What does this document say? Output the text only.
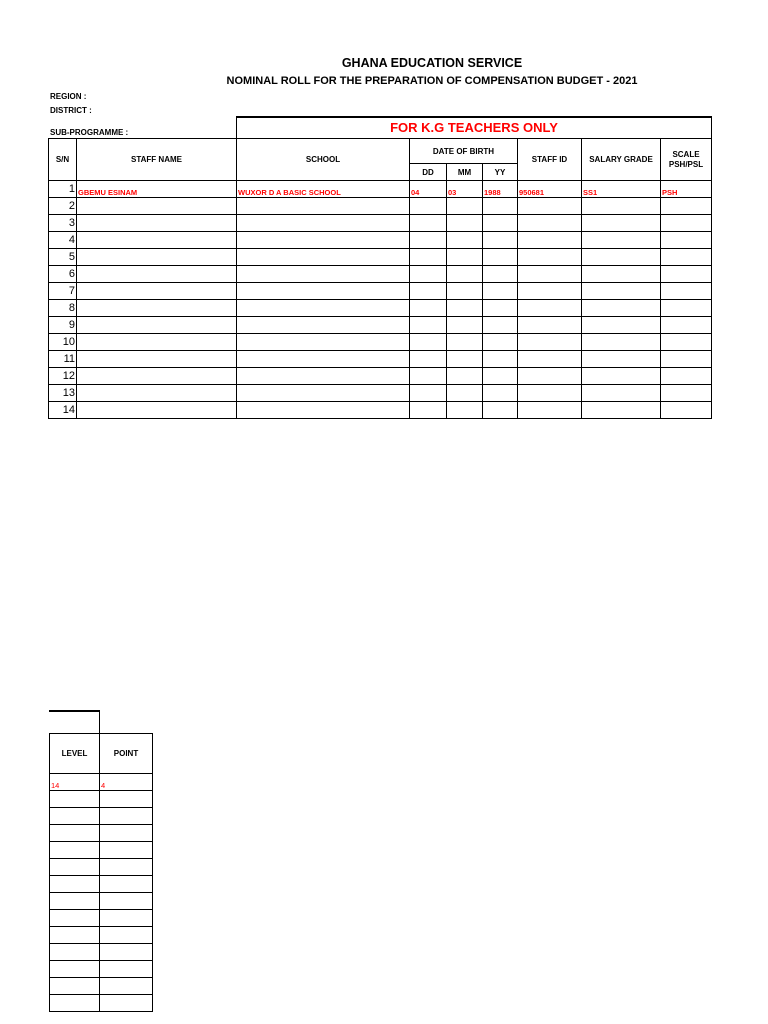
GHANA EDUCATION SERVICE
NOMINAL ROLL FOR THE PREPARATION OF COMPENSATION BUDGET - 2021
REGION :
DISTRICT :
SUB-PROGRAMME :	FOR K.G TEACHERS ONLY
S/N	STAFF NAME	SCHOOL	DATE OF BIRTH			STAFF ID	SALARY GRADE	SCALE PSH/PSL
			DD	MM	YY			
1	GBEMU ESINAM	WUXOR D A BASIC SCHOOL	04	03	1988	950681	SS1	PSH
2								
3								
4								
5								
6								
7								
8								
9								
10								
11								
12								
13								
14								
LEVEL	POINT
14	4
